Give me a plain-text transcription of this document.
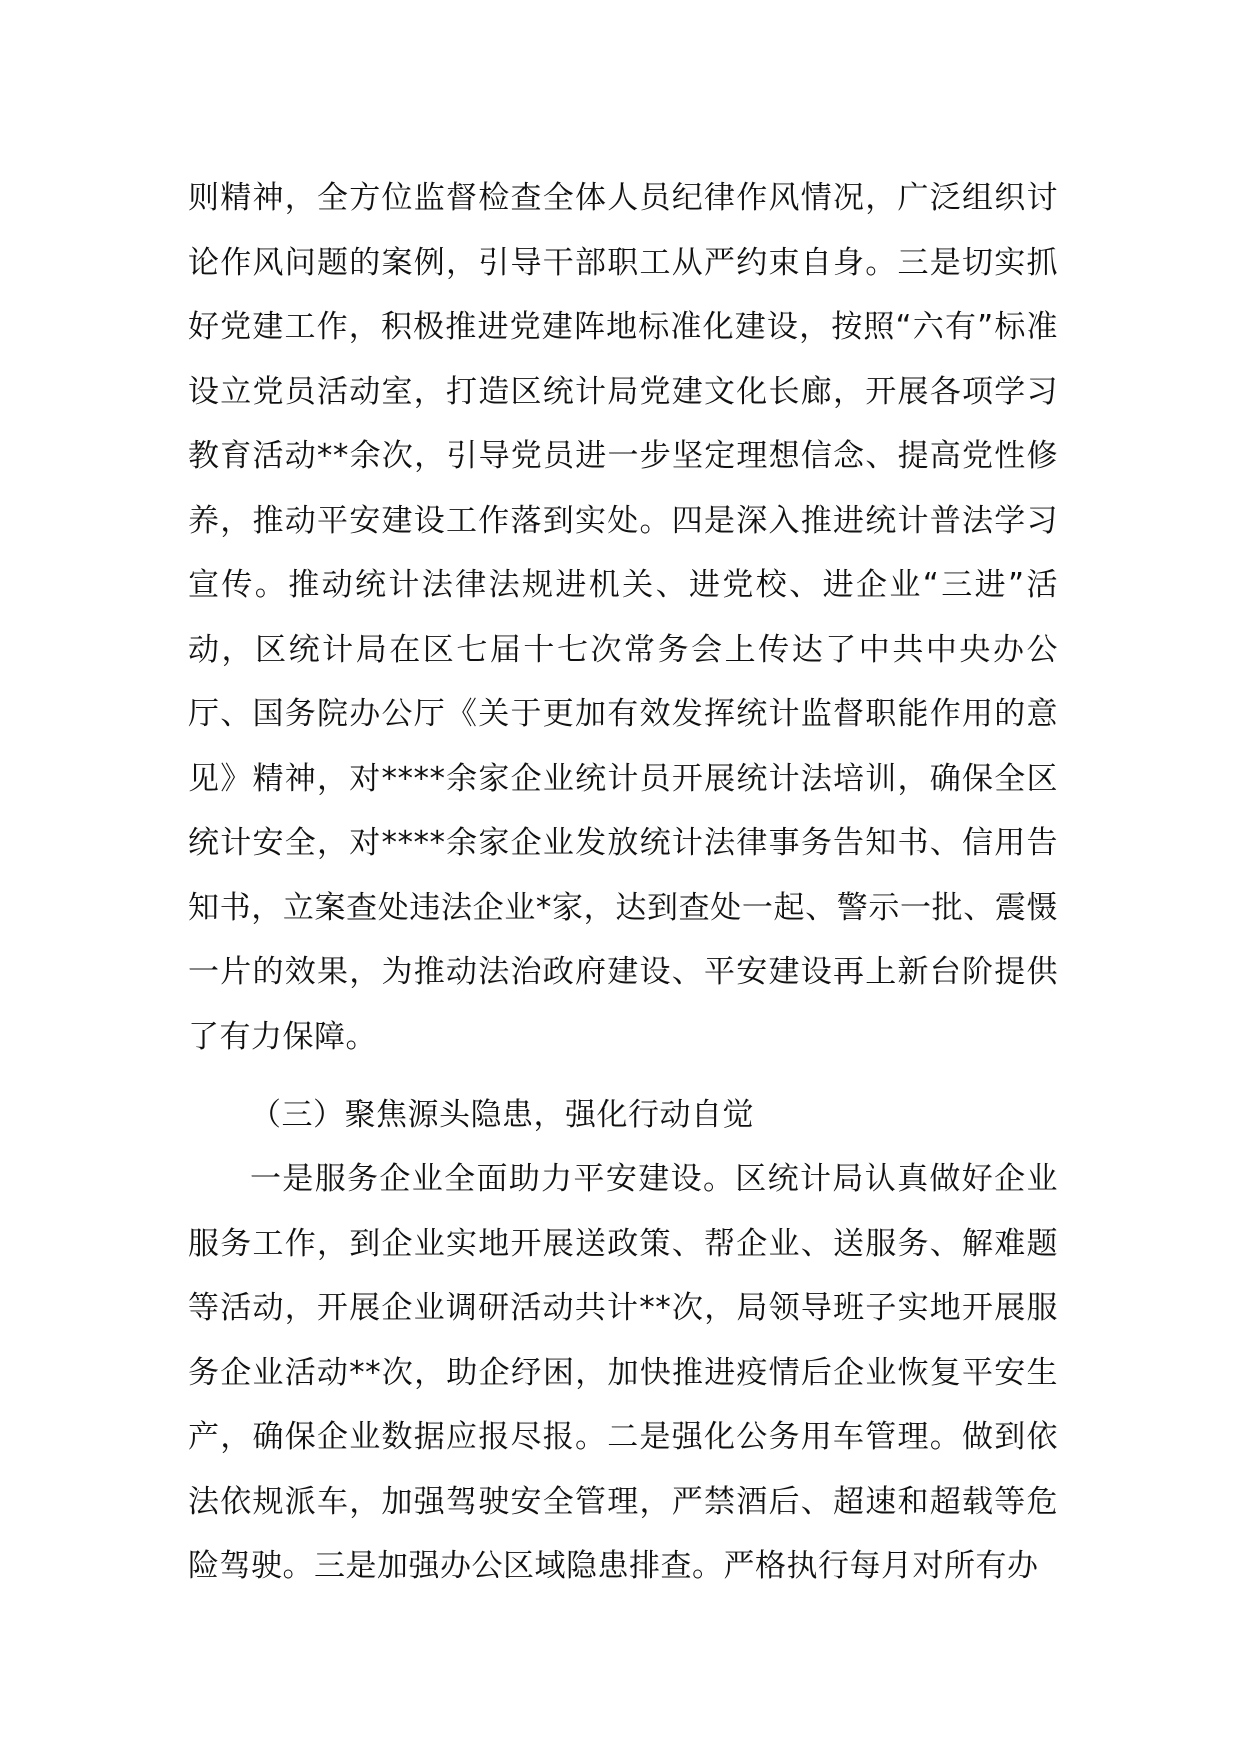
则精神，全方位监督检查全体人员纪律作风情况，广泛组织讨论作风问题的案例，引导干部职工从严约束自身。三是切实抓好党建工作，积极推进党建阵地标准化建设，按照“六有”标准设立党员活动室，打造区统计局党建文化长廊，开展各项学习教育活动**余次，引导党员进一步坚定理想信念、提高党性修养，推动平安建设工作落到实处。四是深入推进统计普法学习宣传。推动统计法律法规进机关、进党校、进企业“三进”活动，区统计局在区七届十七次常务会上传达了中共中央办公厅、国务院办公厅《关于更加有效发挥统计监督职能作用的意见》精神，对****余家企业统计员开展统计法培训，确保全区统计安全，对****余家企业发放统计法律事务告知书、信用告知书，立案查处违法企业*家，达到查处一起、警示一批、震慑一片的效果，为推动法治政府建设、平安建设再上新台阶提供了有力保障。

（三）聚焦源头隐患，强化行动自觉

一是服务企业全面助力平安建设。区统计局认真做好企业服务工作，到企业实地开展送政策、帮企业、送服务、解难题等活动，开展企业调研活动共计**次，局领导班子实地开展服务企业活动**次，助企纾困，加快推进疫情后企业恢复平安生产，确保企业数据应报尽报。二是强化公务用车管理。做到依法依规派车，加强驾驶安全管理，严禁酒后、超速和超载等危险驾驶。三是加强办公区域隐患排查。严格执行每月对所有办
